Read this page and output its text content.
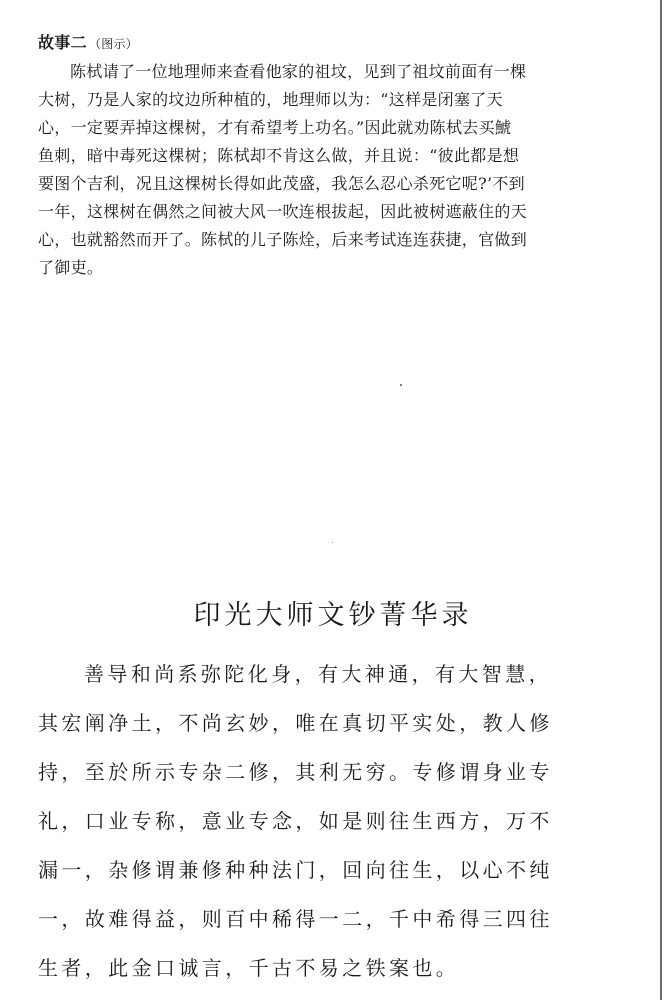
故事二 （图示）
陈栻请了一位地理师来查看他家的祖坟，见到了祖坟前面有一棵
大树，乃是人家的坟边所种植的，地理师以为：“这样是闭塞了天
心，一定要弄掉这棵树，才有希望考上功名。”因此就劝陈栻去买鯱
鱼刺，暗中毒死这棵树；陈栻却不肯这么做，并且说：“彼此都是想
要图个吉利，况且这棵树长得如此茂盛，我怎么忍心杀死它呢?’不到
一年，这棵树在偶然之间被大风一吹连根拔起，因此被树遮蔽住的天
心，也就豁然而开了。陈栻的儿子陈烇，后来考试连连获捷，官做到
了御吏。
印光大师文钞菁华录
善导和尚系弥陀化身，有大神通，有大智慧，
其宏阐净土，不尚玄妙，唯在真切平实处，教人修
持，至於所示专杂二修，其利无穷。专修谓身业专
礼，口业专称，意业专念，如是则往生西方，万不
漏一，杂修谓兼修种种法门，回向往生，以心不纯
一，故难得益，则百中稀得一二，千中希得三四往
生者，此金口诚言，千古不易之铁案也。
